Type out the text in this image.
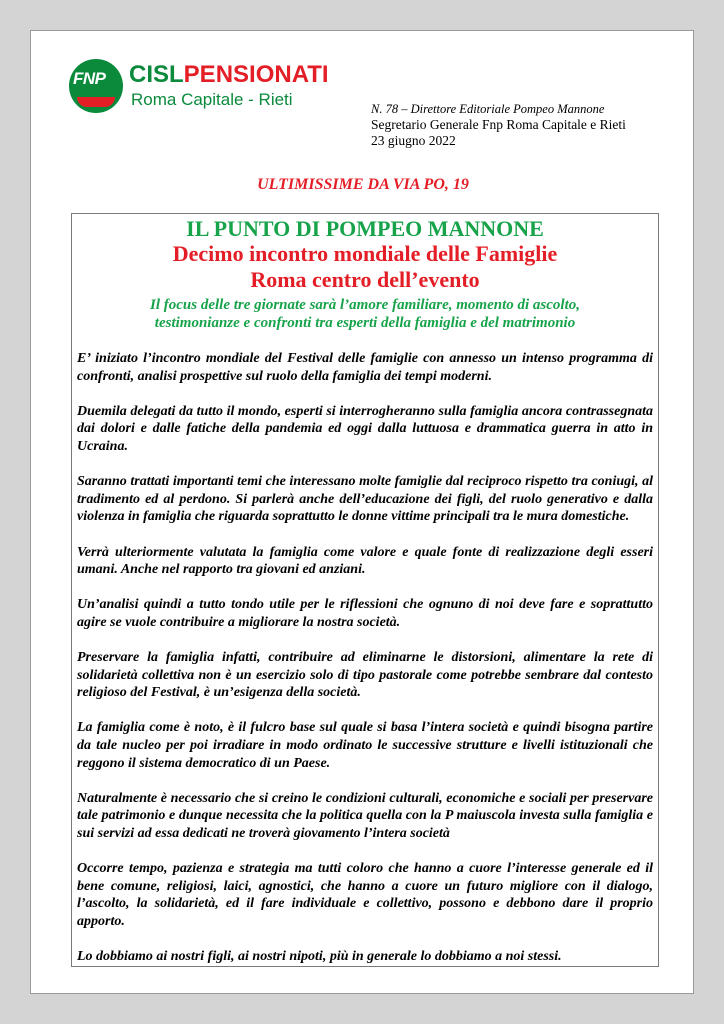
FNP CISLPENSIONATI
Roma Capitale - Rieti	N. 78 – Direttore Editoriale Pompeo Mannone
Segretario Generale Fnp Roma Capitale e Rieti
23 giugno 2022
ULTIMISSIME DA VIA PO, 19
IL PUNTO DI POMPEO MANNONE
Decimo incontro mondiale delle Famiglie
Roma centro dell’evento
Il focus delle tre giornate sarà l’amore familiare, momento di ascolto,
testimonianze e confronti tra esperti della famiglia e del matrimonio

E’ iniziato l’incontro mondiale del Festival delle famiglie con annesso un intenso programma di confronti, analisi prospettive sul ruolo della famiglia dei tempi moderni.

Duemila delegati da tutto il mondo, esperti si interrogheranno sulla famiglia ancora contrassegnata dai dolori e dalle fatiche della pandemia ed oggi dalla luttuosa e drammatica guerra in atto in Ucraina.

Saranno trattati importanti temi che interessano molte famiglie dal reciproco rispetto tra coniugi, al tradimento ed al perdono. Si parlerà anche dell’educazione dei figli, del ruolo generativo e dalla violenza in famiglia che riguarda soprattutto le donne vittime principali tra le mura domestiche.

Verrà ulteriormente valutata la famiglia come valore e quale fonte di realizzazione degli esseri umani. Anche nel rapporto tra giovani ed anziani.

Un’analisi quindi a tutto tondo utile per le riflessioni che ognuno di noi deve fare e soprattutto agire se vuole contribuire a migliorare la nostra società.

Preservare la famiglia infatti, contribuire ad eliminarne le distorsioni, alimentare la rete di solidarietà collettiva non è un esercizio solo di tipo pastorale come potrebbe sembrare dal contesto religioso del Festival, è un’esigenza della società.

La famiglia come è noto, è il fulcro base sul quale si basa l’intera società e quindi bisogna partire da tale nucleo per poi irradiare in modo ordinato le successive strutture e livelli istituzionali che reggono il sistema democratico di un Paese.

Naturalmente è necessario che si creino le condizioni culturali, economiche e sociali per preservare tale patrimonio e dunque necessita che la politica quella con la P maiuscola investa sulla famiglia e sui servizi ad essa dedicati ne troverà giovamento l’intera società

Occorre tempo, pazienza e strategia ma tutti coloro che hanno a cuore l’interesse generale ed il bene comune, religiosi, laici, agnostici, che hanno a cuore un futuro migliore con il dialogo, l’ascolto, la solidarietà, ed il fare individuale e collettivo, possono e debbono dare il proprio apporto.

Lo dobbiamo ai nostri figli, ai nostri nipoti, più in generale lo dobbiamo a noi stessi.
